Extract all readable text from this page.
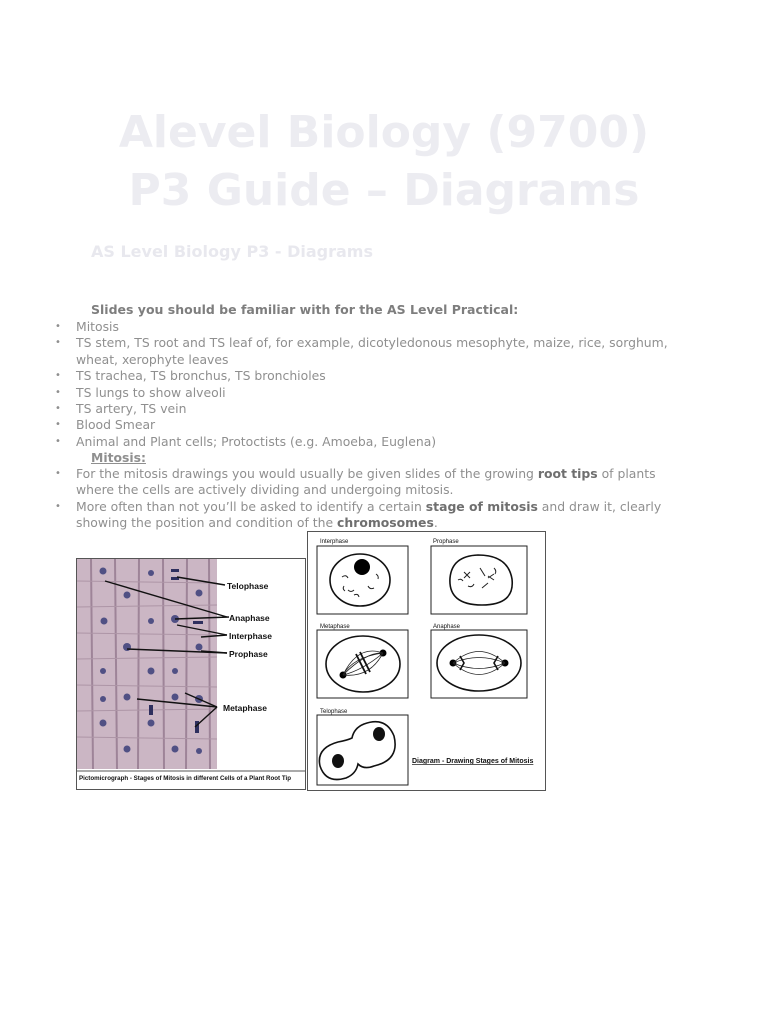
Alevel Biology (9700)
P3 Guide – Diagrams
AS Level Biology P3 - Diagrams
Slides you should be familiar with for the AS Level Practical:
• Mitosis
• TS stem, TS root and TS leaf of, for example, dicotyledonous mesophyte, maize, rice, sorghum, wheat, xerophyte leaves
• TS trachea, TS bronchus, TS bronchioles
• TS lungs to show alveoli
• TS artery, TS vein
• Blood Smear
• Animal and Plant cells; Protoctists (e.g. Amoeba, Euglena)
Mitosis:
• For the mitosis drawings you would usually be given slides of the growing root tips of plants where the cells are actively dividing and undergoing mitosis.
• More often than not you’ll be asked to identify a certain stage of mitosis and draw it, clearly showing the position and condition of the chromosomes.
Telophase
Anaphase
Interphase
Prophase
Metaphase
Pictomicrograph - Stages of Mitosis in different Cells of a Plant Root Tip
Interphase	Prophase
Metaphase	Anaphase
Telophase
Diagram - Drawing Stages of Mitosis
